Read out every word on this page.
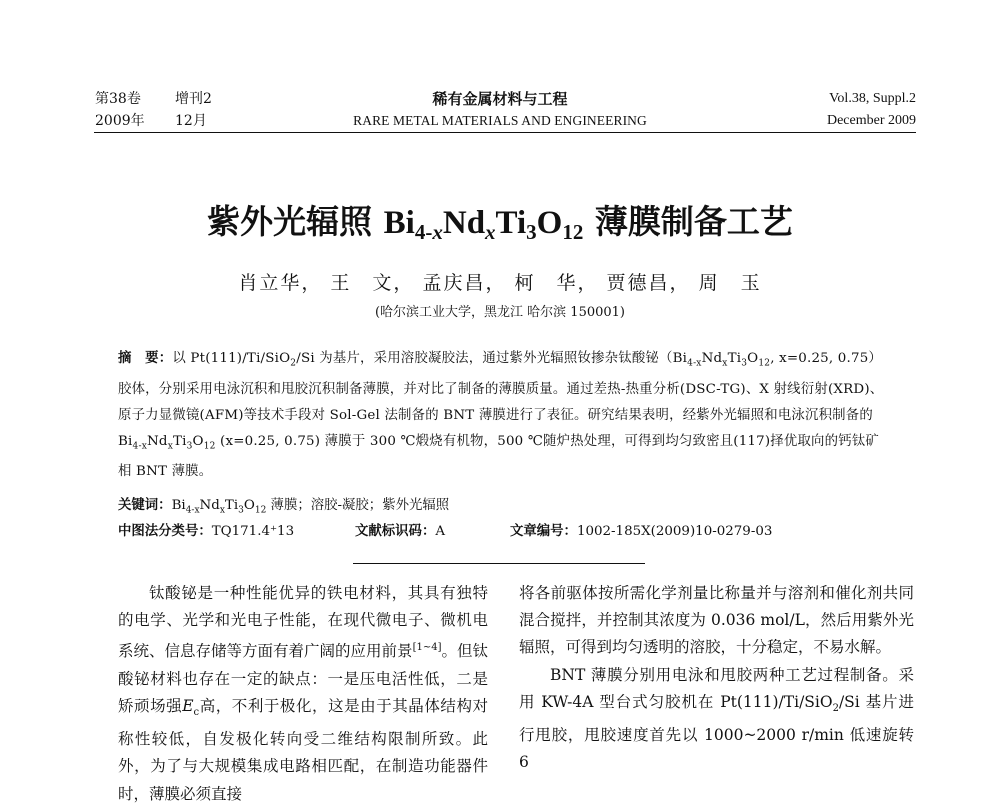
第38卷 增刊2
2009年 12月
稀有金属材料与工程
RARE METAL MATERIALS AND ENGINEERING
Vol.38, Suppl.2
December 2009
紫外光辐照 $Bi_{4-x}Nd_xTi_3O_{12}$ 薄膜制备工艺
肖立华， 王　文， 孟庆昌， 柯　华， 贾德昌， 周　玉
(哈尔滨工业大学，黑龙江 哈尔滨 150001)
摘　要：以 Pt(111)/Ti/SiO$_2$/Si 为基片，采用溶胶凝胶法，通过紫外光辐照钕掺杂钛酸铋（$Bi_{4-x}Nd_xTi_3O_{12}$, x=0.25, 0.75）胶体，分别采用电泳沉积和甩胶沉积制备薄膜，并对比了制备的薄膜质量。通过差热-热重分析(DSC-TG)、X 射线衍射(XRD)、原子力显微镜(AFM)等技术手段对 Sol-Gel 法制备的 BNT 薄膜进行了表征。研究结果表明，经紫外光辐照和电泳沉积制备的 $Bi_{4-x}Nd_xTi_3O_{12}$ (x=0.25, 0.75) 薄膜于 300 ℃煅烧有机物，500 ℃随炉热处理，可得到均匀致密且(117)择优取向的钙钛矿相 BNT 薄膜。
关键词：$Bi_{4-x}Nd_xTi_3O_{12}$ 薄膜；溶胶-凝胶；紫外光辐照
中图法分类号：TQ171.4⁺13	文献标识码：A	文章编号：1002-185X(2009)10-0279-03

钛酸铋是一种性能优异的铁电材料，其具有独特的电学、光学和光电子性能，在现代微电子、微机电系统、信息存储等方面有着广阔的应用前景[1~4]。但钛酸铋材料也存在一定的缺点：一是压电活性低，二是矫顽场强$E_c$高，不利于极化，这是由于其晶体结构对称性较低，自发极化转向受二维结构限制所致。此外，为了与大规模集成电路相匹配，在制造功能器件时，薄膜必须直接

将各前驱体按所需化学剂量比称量并与溶剂和催化剂共同混合搅拌，并控制其浓度为 0.036 mol/L，然后用紫外光辐照，可得到均匀透明的溶胶，十分稳定，不易水解。

BNT 薄膜分别用电泳和甩胶两种工艺过程制备。采用 KW-4A 型台式匀胶机在 Pt(111)/Ti/SiO$_2$/Si 基片进行甩胶，甩胶速度首先以 1000~2000 r/min 低速旋转 6
